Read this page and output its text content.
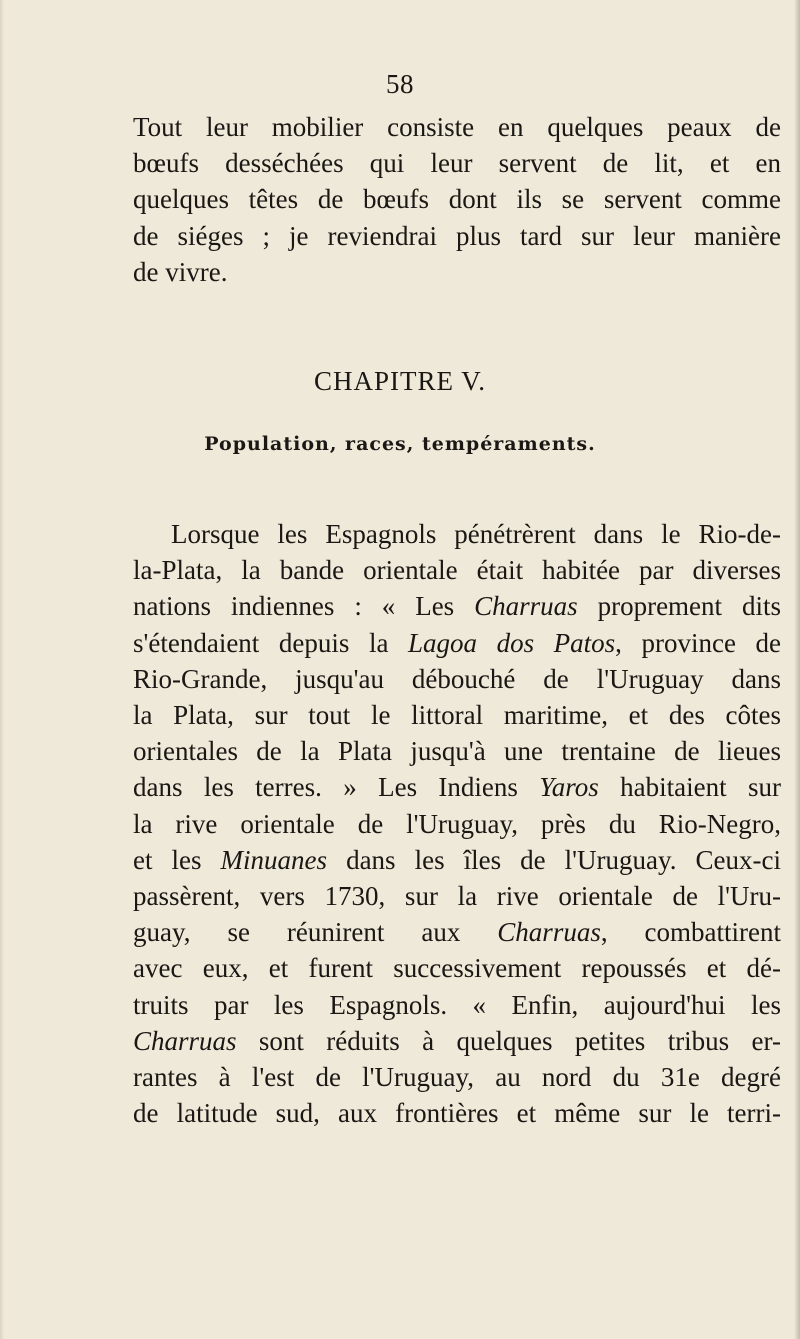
58
Tout leur mobilier consiste en quelques peaux de
bœufs desséchées qui leur servent de lit, et en
quelques têtes de bœufs dont ils se servent comme
de siéges ; je reviendrai plus tard sur leur manière
de vivre.
CHAPITRE V.
Population, races, tempéraments.
Lorsque les Espagnols pénétrèrent dans le Rio-de-
la-Plata, la bande orientale était habitée par diverses
nations indiennes : « Les Charruas proprement dits
s'étendaient depuis la Lagoa dos Patos, province de
Rio-Grande, jusqu'au débouché de l'Uruguay dans
la Plata, sur tout le littoral maritime, et des côtes
orientales de la Plata jusqu'à une trentaine de lieues
dans les terres. » Les Indiens Yaros habitaient sur
la rive orientale de l'Uruguay, près du Rio-Negro,
et les Minuanes dans les îles de l'Uruguay. Ceux-ci
passèrent, vers 1730, sur la rive orientale de l'Uru-
guay, se réunirent aux Charruas, combattirent
avec eux, et furent successivement repoussés et dé-
truits par les Espagnols. « Enfin, aujourd'hui les
Charruas sont réduits à quelques petites tribus er-
rantes à l'est de l'Uruguay, au nord du 31e degré
de latitude sud, aux frontières et même sur le terri-
